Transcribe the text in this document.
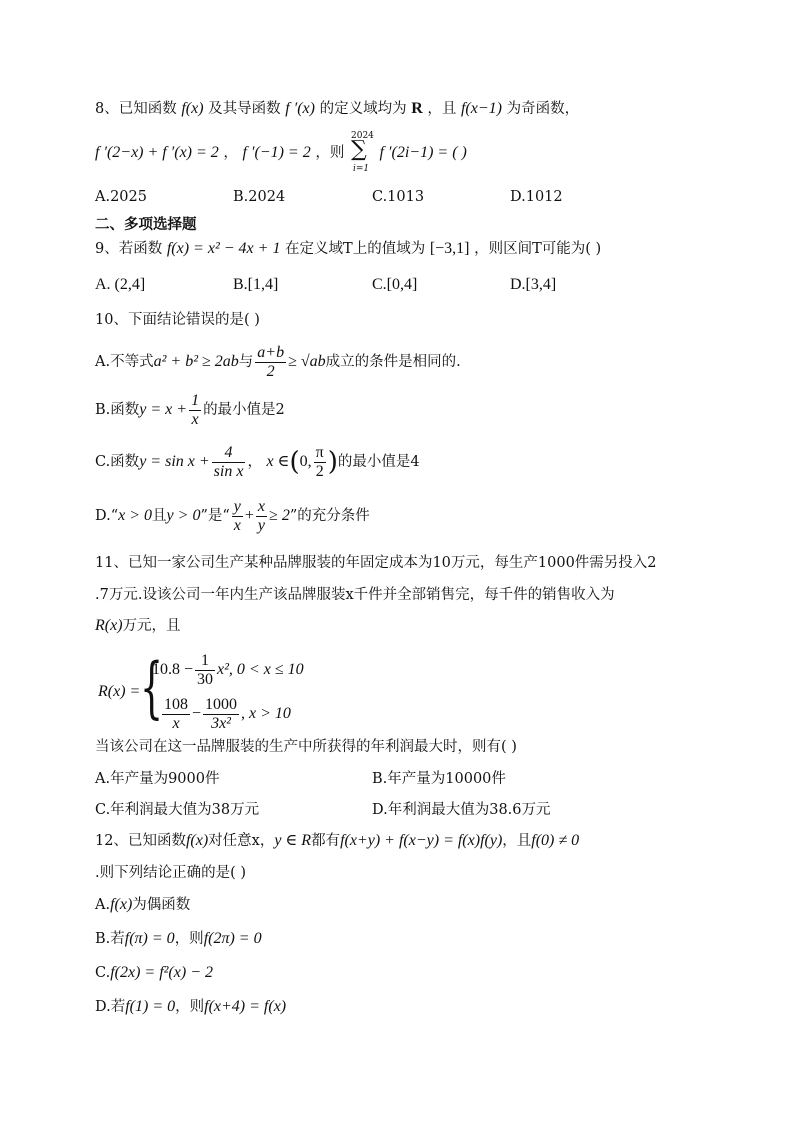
8、已知函数 f(x) 及其导函数 f ′(x) 的定义域均为 R ，且 f(x−1) 为奇函数，
f ′(2−x) + f ′(x) = 2 ， f ′(−1) = 2 ，则 f ′(2i−1) = ( )
2024
∑
i=1
A.2025	B.2024	C.1013	D.1012
二、多项选择题
9、若函数 f(x) = x² − 4x + 1 在定义域T上的值域为 [−3,1] ，则区间T可能为( )
A. (2,4]	B.[1,4]	C.[0,4]	D.[3,4]
10、下面结论错误的是( )
A.不等式a² + b² ≥ 2ab与 $\frac{a+b}{2} \ge √ab$成立的条件是相同的.
B.函数$y = x + \frac{1}{x}$ 的最小值是2
C.函数$y = \sin x + \frac{4}{\text{sin x}}$ ， x ∈(0, $\frac{\pi}{2}$ )的最小值是4
D.“x > 0且y > 0”是“ $\frac{y}{x} + \frac{x}{y} \ge 2$”的充分条件
11、已知一家公司生产某种品牌服装的年固定成本为10万元，每生产1000件需另投入2
.7万元.设该公司一年内生产该品牌服装x千件并全部销售完，每千件的销售收入为
R(x)万元，且
R(x) = {
$10.8 - \frac{1}{30} x^2$, 0 < x ≤ 10
$\frac{108}{x} - \frac{1000}{\text{3x²}}$ , x > 10
当该公司在这一品牌服装的生产中所获得的年利润最大时，则有( )
A.年产量为9000件	B.年产量为10000件
C.年利润最大值为38万元	D.年利润最大值为38.6万元
12、已知函数f(x)对任意x，y ∈ R都有f(x+y) + f(x−y) = f(x)f(y)，且f(0) ≠ 0
.则下列结论正确的是( )
A.f(x)为偶函数
B.若f(π) = 0，则f(2π) = 0
C.f(2x) = f²(x) − 2
D.若f(1) = 0，则f(x+4) = f(x)
